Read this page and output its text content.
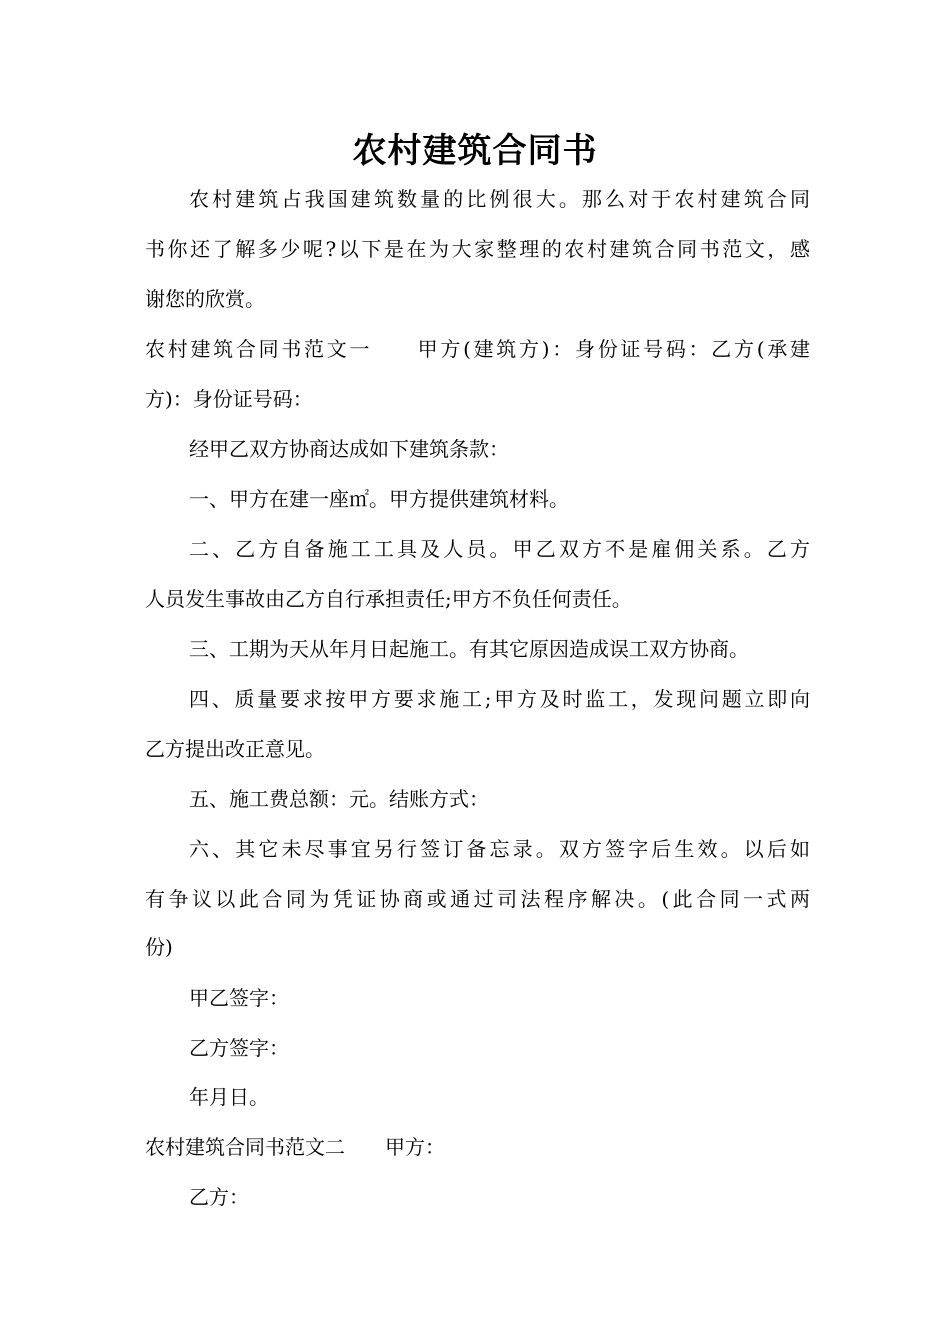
农村建筑合同书
农村建筑占我国建筑数量的比例很大。那么对于农村建筑合同
书你还了解多少呢?以下是在为大家整理的农村建筑合同书范文，感
谢您的欣赏。
农村建筑合同书范文一　　甲方(建筑方)：身份证号码：乙方(承建
方)：身份证号码：
经甲乙双方协商达成如下建筑条款：
一、甲方在建一座㎡。甲方提供建筑材料。
二、乙方自备施工工具及人员。甲乙双方不是雇佣关系。乙方
人员发生事故由乙方自行承担责任;甲方不负任何责任。
三、工期为天从年月日起施工。有其它原因造成误工双方协商。
四、质量要求按甲方要求施工;甲方及时监工，发现问题立即向
乙方提出改正意见。
五、施工费总额：元。结账方式：
六、其它未尽事宜另行签订备忘录。双方签字后生效。以后如
有争议以此合同为凭证协商或通过司法程序解决。(此合同一式两
份)
甲乙签字：
乙方签字：
年月日。
农村建筑合同书范文二　　甲方：
乙方：
